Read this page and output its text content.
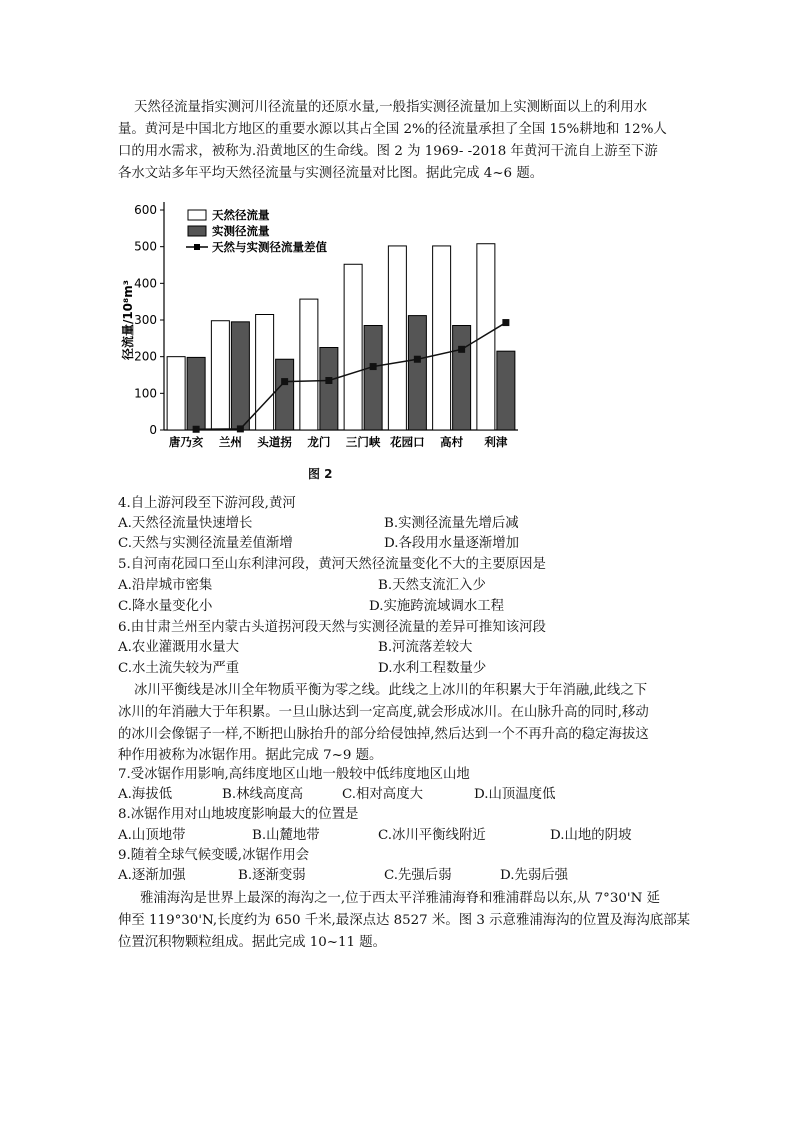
天然径流量指实测河川径流量的还原水量,一般指实测径流量加上实测断面以上的利用水
量。黄河是中国北方地区的重要水源以其占全国 2%的径流量承担了全国 15%耕地和 12%人
口的用水需求，被称为.沿黄地区的生命线。图 2 为 1969- -2018 年黄河干流自上游至下游
各水文站多年平均天然径流量与实测径流量对比图。据此完成 4~6 题。
0
100
200
300
400
500
600
径流量/10⁸m³
唐乃亥 兰州 头道拐 龙门 三门峡 花园口 高村 利津
天然径流量
实测径流量
天然与实测径流量差值
图 2
4.自上游河段至下游河段,黄河
A.天然径流量快速增长	B.实测径流量先增后减
C.天然与实测径流量差值渐增	D.各段用水量逐渐增加
5.自河南花园口至山东利津河段，黄河天然径流量变化不大的主要原因是
A.沿岸城市密集	B.天然支流汇入少
C.降水量变化小	D.实施跨流域调水工程
6.由甘肃兰州至内蒙古头道拐河段天然与实测径流量的差异可推知该河段
A.农业灌溉用水量大	B.河流落差较大
C.水土流失较为严重	D.水利工程数量少
冰川平衡线是冰川全年物质平衡为零之线。此线之上冰川的年积累大于年消融,此线之下
冰川的年消融大于年积累。一旦山脉达到一定高度,就会形成冰川。在山脉升高的同时,移动
的冰川会像锯子一样,不断把山脉抬升的部分给侵蚀掉,然后达到一个不再升高的稳定海拔这
种作用被称为冰锯作用。据此完成 7~9 题。
7.受冰锯作用影响,高纬度地区山地一般较中低纬度地区山地
A.海拔低	B.林线高度高	C.相对高度大	D.山顶温度低
8.冰锯作用对山地坡度影响最大的位置是
A.山顶地带	B.山麓地带	C.冰川平衡线附近	D.山地的阴坡
9.随着全球气候变暖,冰锯作用会
A.逐渐加强	B.逐渐变弱	C.先强后弱	D.先弱后强
雅浦海沟是世界上最深的海沟之一,位于西太平洋雅浦海脊和雅浦群岛以东,从 7°30'N 延
伸至 119°30'N,长度约为 650 千米,最深点达 8527 米。图 3 示意雅浦海沟的位置及海沟底部某
位置沉积物颗粒组成。据此完成 10~11 题。
